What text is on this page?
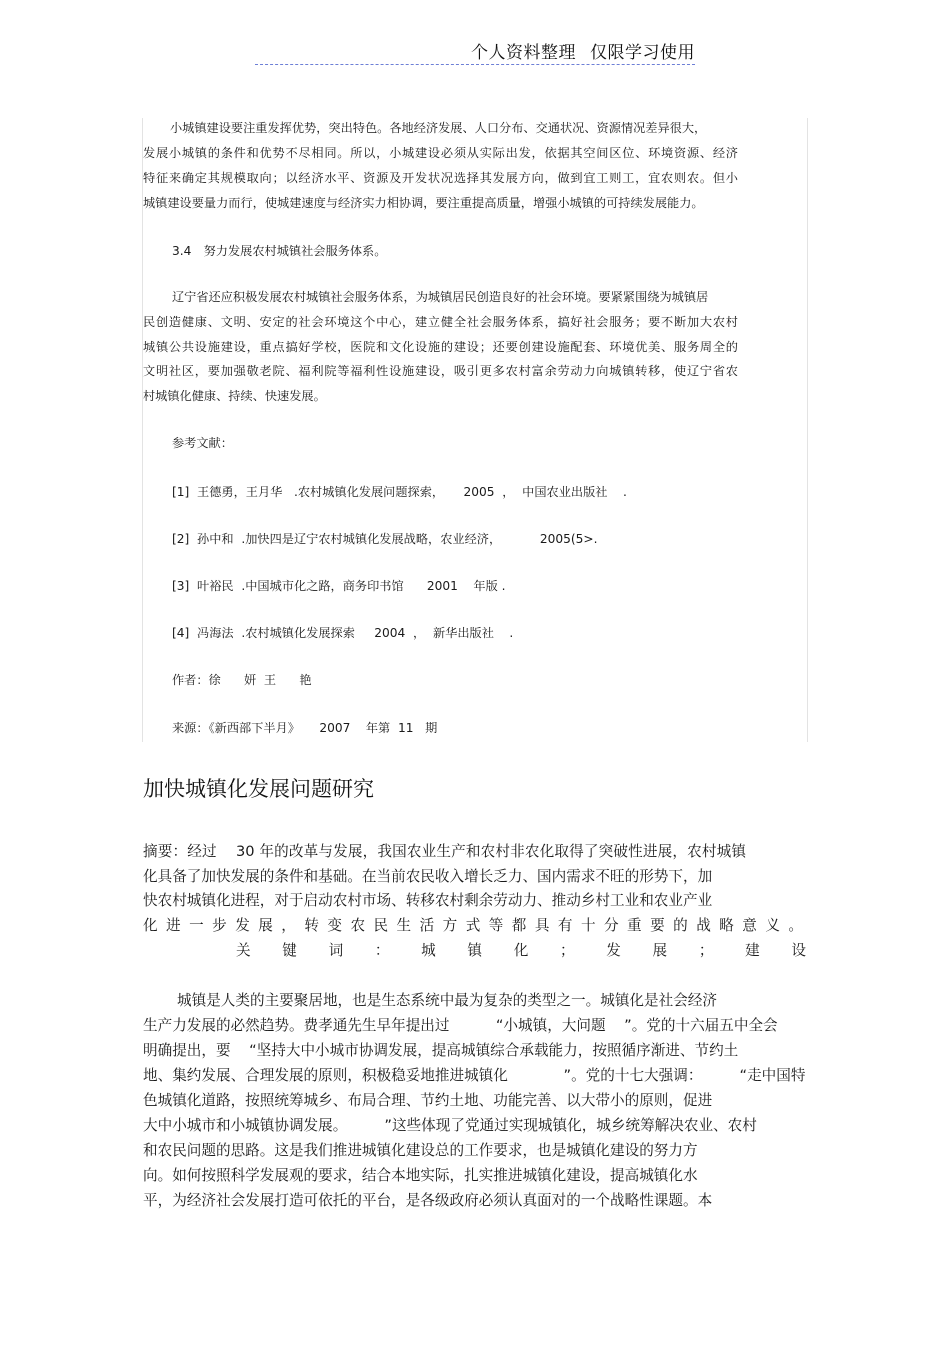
个人资料整理 仅限学习使用
小城镇建设要注重发挥优势，突出特色。各地经济发展、人口分布、交通状况、资源情况差异很大，
发展小城镇的条件和优势不尽相同。所以，小城建设必须从实际出发，依据其空间区位、环境资源、经济
特征来确定其规模取向；以经济水平、资源及开发状况选择其发展方向，做到宜工则工，宜农则农。但小
城镇建设要量力而行，使城建速度与经济实力相协调，要注重提高质量，增强小城镇的可持续发展能力。
3.4　努力发展农村城镇社会服务体系。
辽宁省还应积极发展农村城镇社会服务体系，为城镇居民创造良好的社会环境。要紧紧围绕为城镇居
民创造健康、文明、安定的社会环境这个中心，建立健全社会服务体系，搞好社会服务；要不断加大农村
城镇公共设施建设，重点搞好学校，医院和文化设施的建设；还要创建设施配套、环境优美、服务周全的
文明社区，要加强敬老院、福利院等福利性设施建设，吸引更多农村富余劳动力向城镇转移，使辽宁省农
村城镇化健康、持续、快速发展。
参考文献：
[1]  王德勇，王月华   .农村城镇化发展问题探索，     2005  ，  中国农业出版社    .
[2]  孙中和  .加快四是辽宁农村城镇化发展战略，农业经济，          2005(5>.
[3]  叶裕民  .中国城市化之路，商务印书馆      2001    年版 .
[4]  冯海法  .农村城镇化发展探索     2004  ，  新华出版社    .
作者：徐      妍  王      艳
来源：《新西部下半月》     2007    年第  11   期
加快城镇化发展问题研究
摘要：经过    30 年的改革与发展，我国农业生产和农村非农化取得了突破性进展，农村城镇
化具备了加快发展的条件和基础。在当前农民收入增长乏力、国内需求不旺的形势下，加
快农村城镇化进程，对于启动农村市场、转移农村剩余劳动力、推动乡村工业和农业产业
化进一步发展，转变农民生活方式等都具有十分重要的战略意义。
关 键 词 ： 城 镇 化 ； 发 展 ； 建 设
城镇是人类的主要聚居地，也是生态系统中最为复杂的类型之一。城镇化是社会经济
生产力发展的必然趋势。费孝通先生早年提出过          “小城镇，大问题    ”。党的十六届五中全会
明确提出，要    “坚持大中小城市协调发展，提高城镇综合承载能力，按照循序渐进、节约土
地、集约发展、合理发展的原则，积极稳妥地推进城镇化            ”。党的十七大强调：        “走中国特
色城镇化道路，按照统筹城乡、布局合理、节约土地、功能完善、以大带小的原则，促进
大中小城市和小城镇协调发展。        ”这些体现了党通过实现城镇化，城乡统筹解决农业、农村
和农民问题的思路。这是我们推进城镇化建设总的工作要求，也是城镇化建设的努力方
向。如何按照科学发展观的要求，结合本地实际，扎实推进城镇化建设，提高城镇化水
平，为经济社会发展打造可依托的平台，是各级政府必须认真面对的一个战略性课题。本
